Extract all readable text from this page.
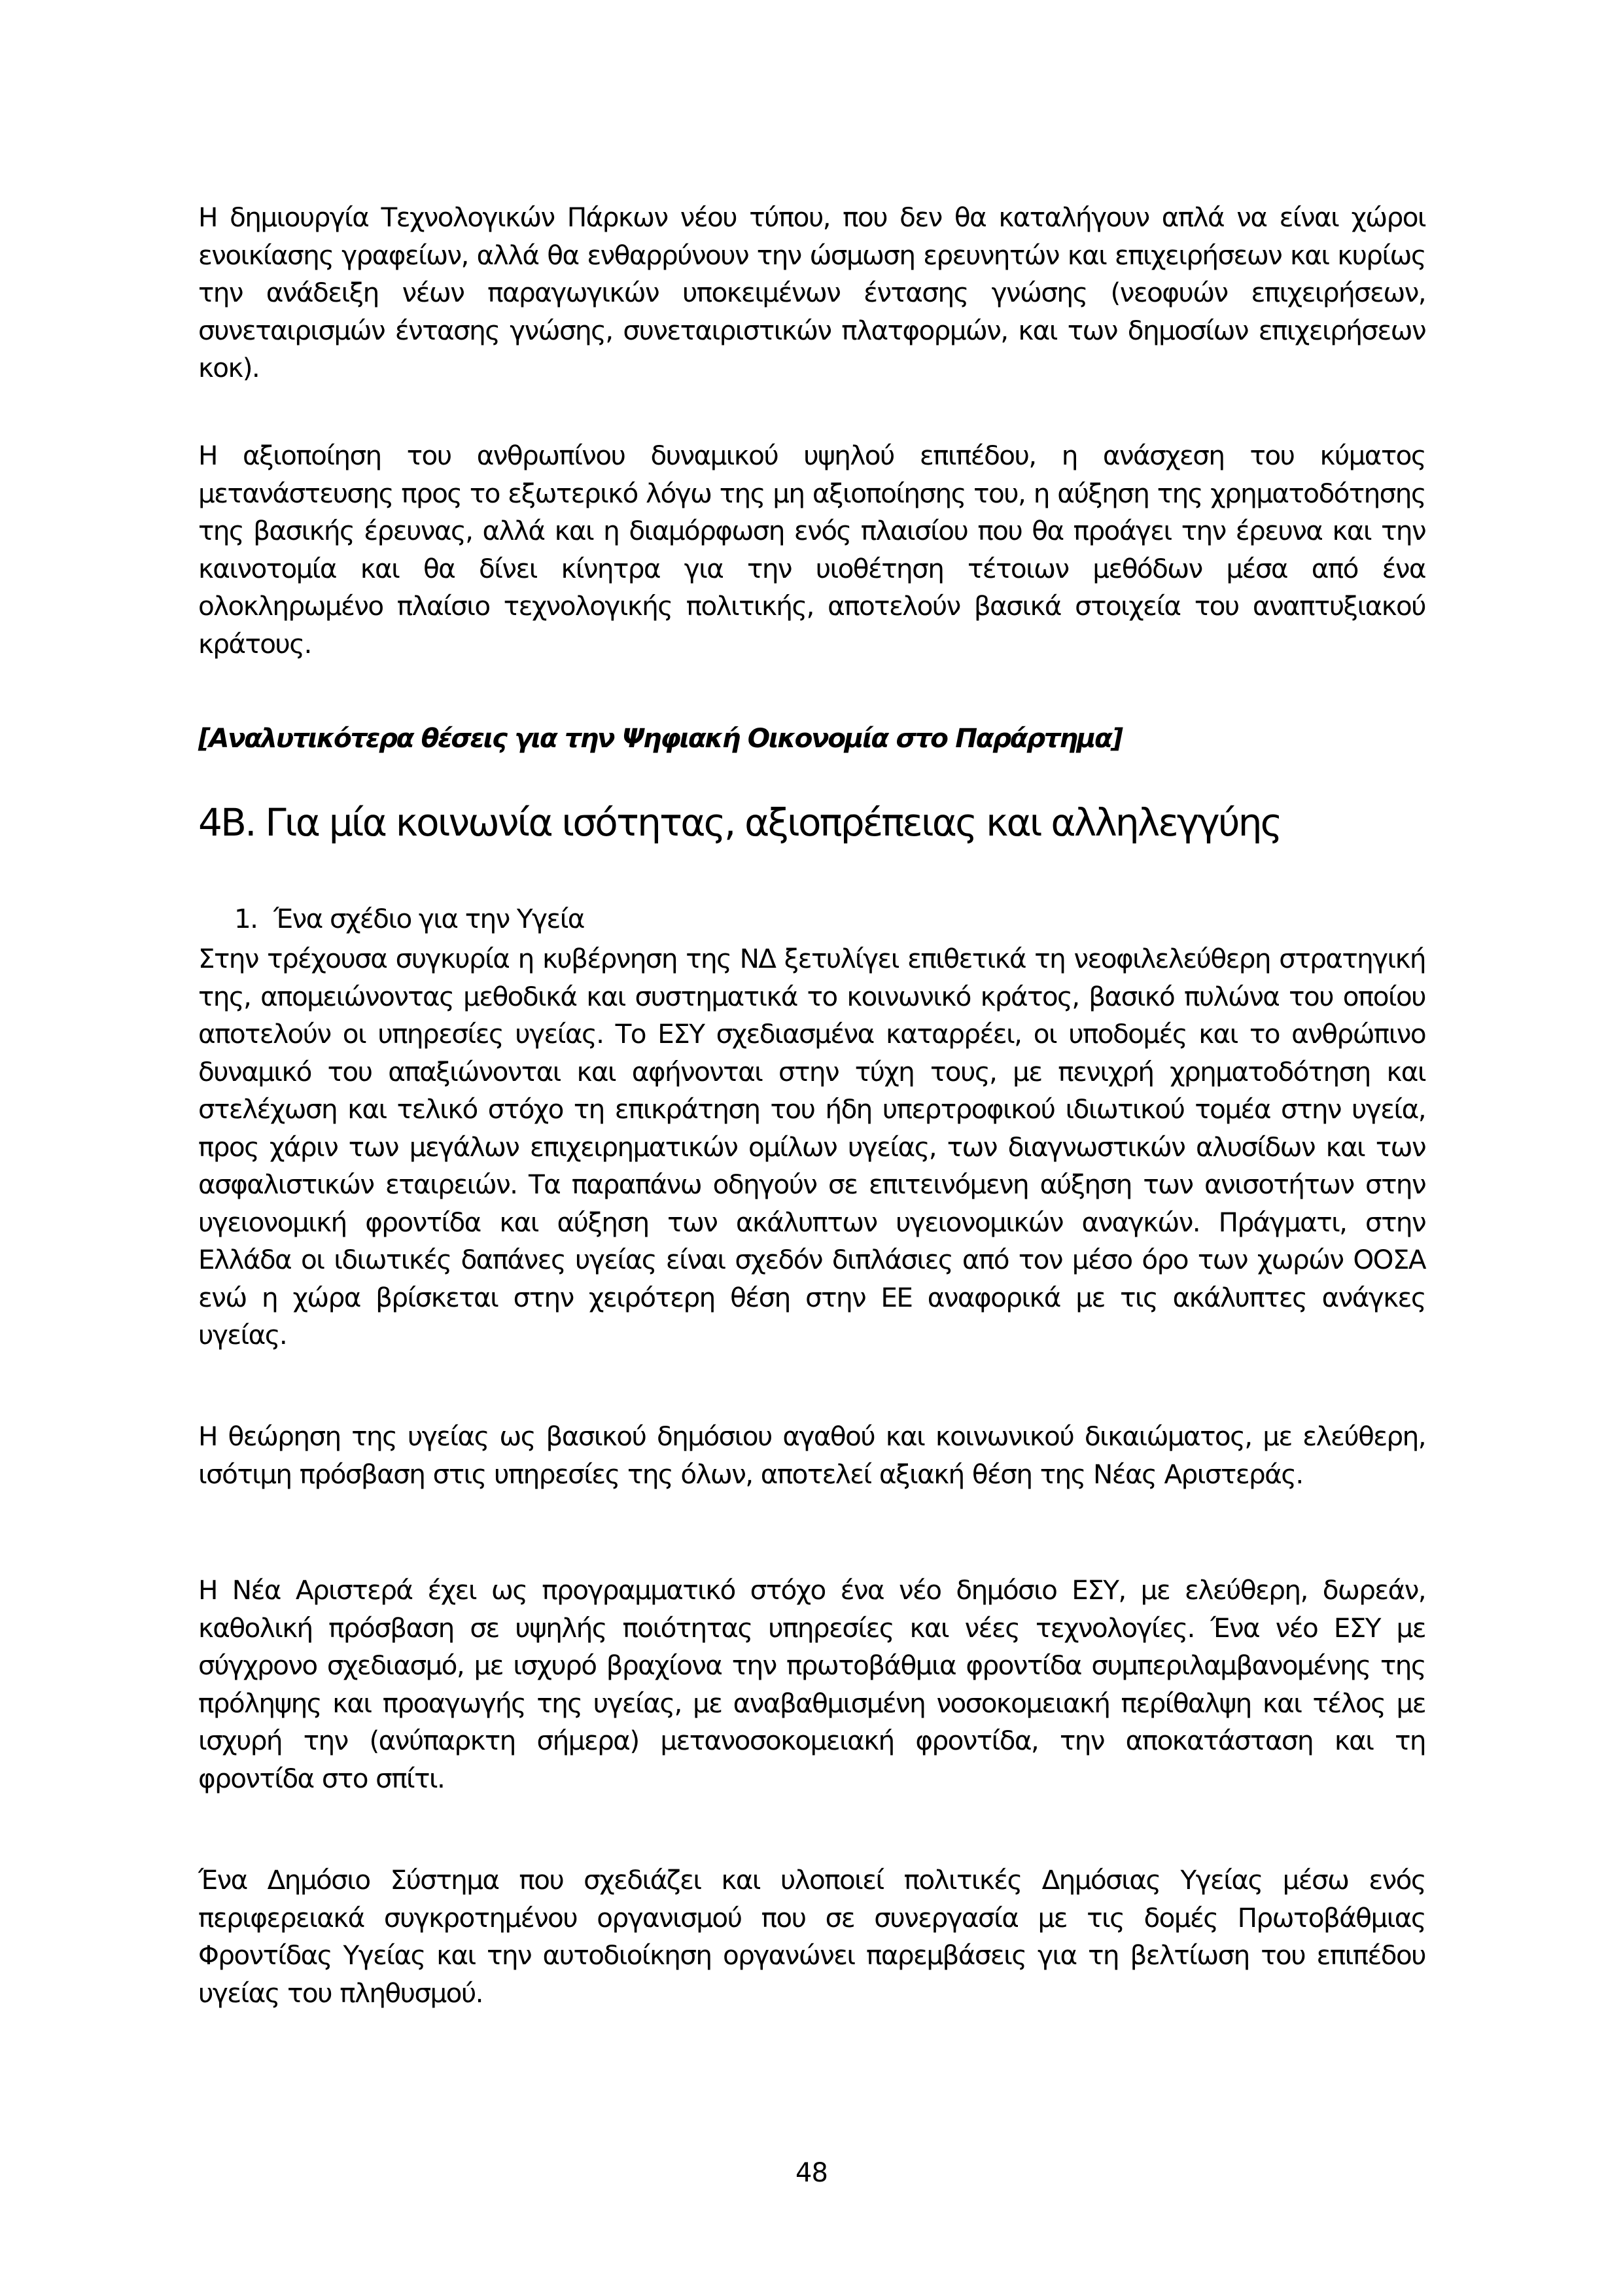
Η δημιουργία Τεχνολογικών Πάρκων νέου τύπου, που δεν θα καταλήγουν απλά να είναι χώροι ενοικίασης γραφείων, αλλά θα ενθαρρύνουν την ώσμωση ερευνητών και επιχειρήσεων και κυρίως την ανάδειξη νέων παραγωγικών υποκειμένων έντασης γνώσης (νεοφυών επιχειρήσεων, συνεταιρισμών έντασης γνώσης, συνεταιριστικών πλατφορμών, και των δημοσίων επιχειρήσεων κοκ).

Η αξιοποίηση του ανθρωπίνου δυναμικού υψηλού επιπέδου, η ανάσχεση του κύματος μετανάστευσης προς το εξωτερικό λόγω της μη αξιοποίησης του, η αύξηση της χρηματοδότησης της βασικής έρευνας, αλλά και η διαμόρφωση ενός πλαισίου που θα προάγει την έρευνα και την καινοτομία και θα δίνει κίνητρα για την υιοθέτηση τέτοιων μεθόδων μέσα από ένα ολοκληρωμένο πλαίσιο τεχνολογικής πολιτικής, αποτελούν βασικά στοιχεία του αναπτυξιακού κράτους.

[Αναλυτικότερα θέσεις για την Ψηφιακή Οικονομία στο Παράρτημα]

4Β. Για μία κοινωνία ισότητας, αξιοπρέπειας και αλληλεγγύης
1. Ένα σχέδιο για την Υγεία

Στην τρέχουσα συγκυρία η κυβέρνηση της ΝΔ ξετυλίγει επιθετικά τη νεοφιλελεύθερη στρατηγική της, απομειώνοντας μεθοδικά και συστηματικά το κοινωνικό κράτος, βασικό πυλώνα του οποίου αποτελούν οι υπηρεσίες υγείας. Το ΕΣΥ σχεδιασμένα καταρρέει, οι υποδομές και το ανθρώπινο δυναμικό του απαξιώνονται και αφήνονται στην τύχη τους, με πενιχρή χρηματοδότηση και στελέχωση και τελικό στόχο τη επικράτηση του ήδη υπερτροφικού ιδιωτικού τομέα στην υγεία, προς χάριν των μεγάλων επιχειρηματικών ομίλων υγείας, των διαγνωστικών αλυσίδων και των ασφαλιστικών εταιρειών. Τα παραπάνω οδηγούν σε επιτεινόμενη αύξηση των ανισοτήτων στην υγειονομική φροντίδα και αύξηση των ακάλυπτων υγειονομικών αναγκών. Πράγματι, στην Ελλάδα οι ιδιωτικές δαπάνες υγείας είναι σχεδόν διπλάσιες από τον μέσο όρο των χωρών ΟΟΣΑ ενώ η χώρα βρίσκεται στην χειρότερη θέση στην ΕΕ αναφορικά με τις ακάλυπτες ανάγκες υγείας.

Η θεώρηση της υγείας ως βασικού δημόσιου αγαθού και κοινωνικού δικαιώματος, με ελεύθερη, ισότιμη πρόσβαση στις υπηρεσίες της όλων, αποτελεί αξιακή θέση της Νέας Αριστεράς.

Η Νέα Αριστερά έχει ως προγραμματικό στόχο ένα νέο δημόσιο ΕΣΥ, με ελεύθερη, δωρεάν, καθολική πρόσβαση σε υψηλής ποιότητας υπηρεσίες και νέες τεχνολογίες. Ένα νέο ΕΣΥ με σύγχρονο σχεδιασμό, με ισχυρό βραχίονα την πρωτοβάθμια φροντίδα συμπεριλαμβανομένης της πρόληψης και προαγωγής της υγείας, με αναβαθμισμένη νοσοκομειακή περίθαλψη και τέλος με ισχυρή την (ανύπαρκτη σήμερα) μετανοσοκομειακή φροντίδα, την αποκατάσταση και τη φροντίδα στο σπίτι.

Ένα Δημόσιο Σύστημα που σχεδιάζει και υλοποιεί πολιτικές Δημόσιας Υγείας μέσω ενός περιφερειακά συγκροτημένου οργανισμού που σε συνεργασία με τις δομές Πρωτοβάθμιας Φροντίδας Υγείας και την αυτοδιοίκηση οργανώνει παρεμβάσεις για τη βελτίωση του επιπέδου υγείας του πληθυσμού.

48
